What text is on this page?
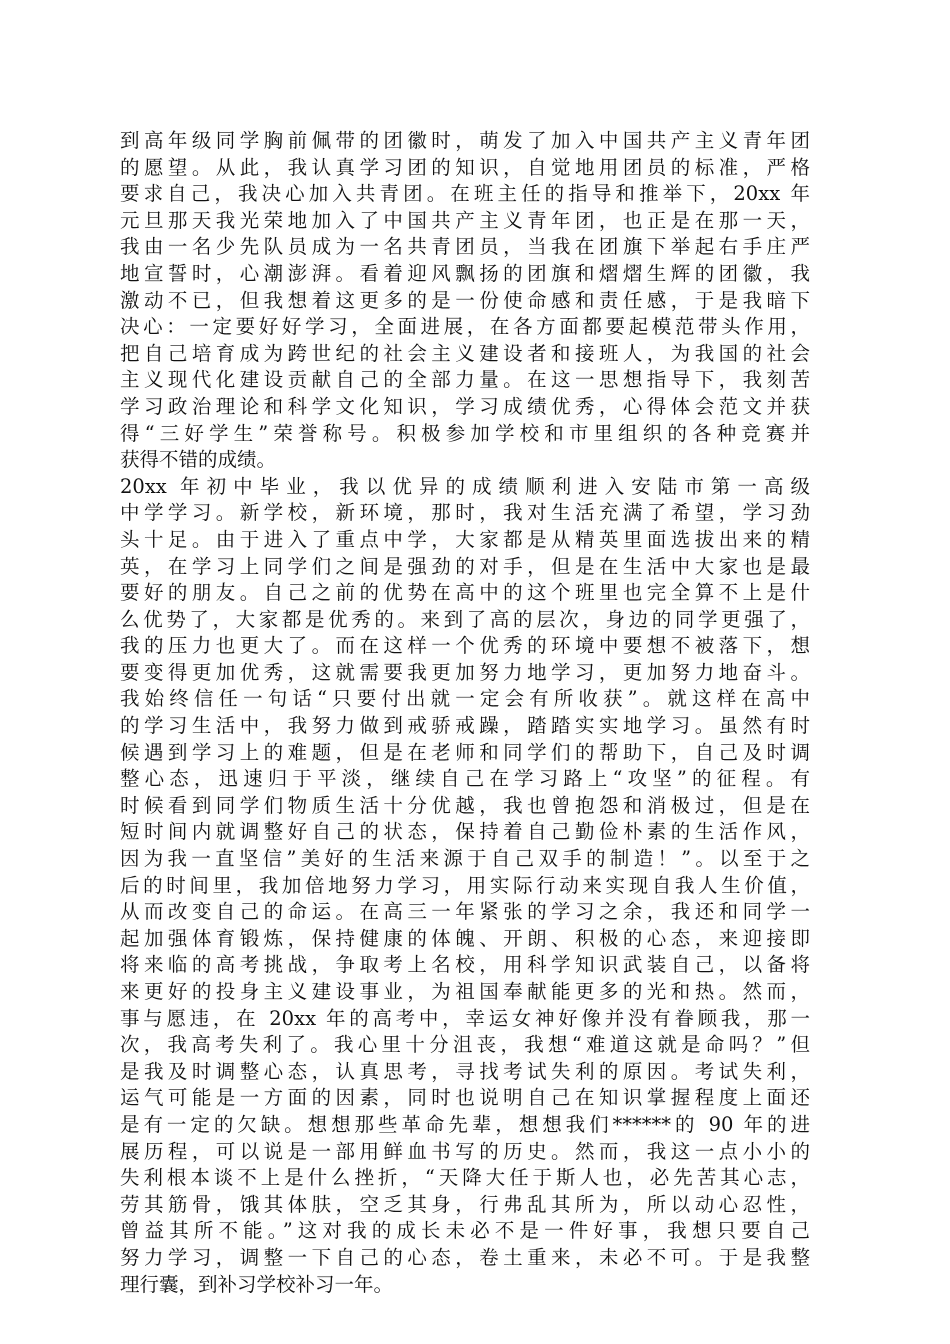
到高年级同学胸前佩带的团徽时，萌发了加入中国共产主义青年团
的愿望。从此，我认真学习团的知识，自觉地用团员的标准，严格
要求自己，我决心加入共青团。在班主任的指导和推举下，20xx 年
元旦那天我光荣地加入了中国共产主义青年团，也正是在那一天，
我由一名少先队员成为一名共青团员，当我在团旗下举起右手庄严
地宣誓时，心潮澎湃。看着迎风飘扬的团旗和熠熠生辉的团徽，我
激动不已，但我想着这更多的是一份使命感和责任感，于是我暗下
决心：一定要好好学习，全面进展，在各方面都要起模范带头作用，
把自己培育成为跨世纪的社会主义建设者和接班人，为我国的社会
主义现代化建设贡献自己的全部力量。在这一思想指导下，我刻苦
学习政治理论和科学文化知识，学习成绩优秀，心得体会范文并获
得“三好学生”荣誉称号。积极参加学校和市里组织的各种竞赛并
获得不错的成绩。
20xx 年初中毕业，我以优异的成绩顺利进入安陆市第一高级
中学学习。新学校，新环境，那时，我对生活充满了希望，学习劲
头十足。由于进入了重点中学，大家都是从精英里面选拔出来的精
英，在学习上同学们之间是强劲的对手，但是在生活中大家也是最
要好的朋友。自己之前的优势在高中的这个班里也完全算不上是什
么优势了，大家都是优秀的。来到了高的层次，身边的同学更强了，
我的压力也更大了。而在这样一个优秀的环境中要想不被落下，想
要变得更加优秀，这就需要我更加努力地学习，更加努力地奋斗。
我始终信任一句话“只要付出就一定会有所收获”。就这样在高中
的学习生活中，我努力做到戒骄戒躁，踏踏实实地学习。虽然有时
候遇到学习上的难题，但是在老师和同学们的帮助下，自己及时调
整心态，迅速归于平淡，继续自己在学习路上“攻坚”的征程。有
时候看到同学们物质生活十分优越，我也曾抱怨和消极过，但是在
短时间内就调整好自己的状态，保持着自己勤俭朴素的生活作风，
因为我一直坚信”美好的生活来源于自己双手的制造！”。以至于之
后的时间里，我加倍地努力学习，用实际行动来实现自我人生价值，
从而改变自己的命运。在高三一年紧张的学习之余，我还和同学一
起加强体育锻炼，保持健康的体魄、开朗、积极的心态，来迎接即
将来临的高考挑战，争取考上名校，用科学知识武装自己，以备将
来更好的投身主义建设事业，为祖国奉献能更多的光和热。然而，
事与愿违，在 20xx 年的高考中，幸运女神好像并没有眷顾我，那一
次，我高考失利了。我心里十分沮丧，我想“难道这就是命吗？”但
是我及时调整心态，认真思考，寻找考试失利的原因。考试失利，
运气可能是一方面的因素，同时也说明自己在知识掌握程度上面还
是有一定的欠缺。想想那些革命先辈，想想我们******的 90 年的进
展历程，可以说是一部用鲜血书写的历史。然而，我这一点小小的
失利根本谈不上是什么挫折，“天降大任于斯人也，必先苦其心志，
劳其筋骨，饿其体肤，空乏其身，行弗乱其所为，所以动心忍性，
曾益其所不能。”这对我的成长未必不是一件好事，我想只要自己
努力学习，调整一下自己的心态，卷土重来，未必不可。于是我整
理行囊，到补习学校补习一年。
